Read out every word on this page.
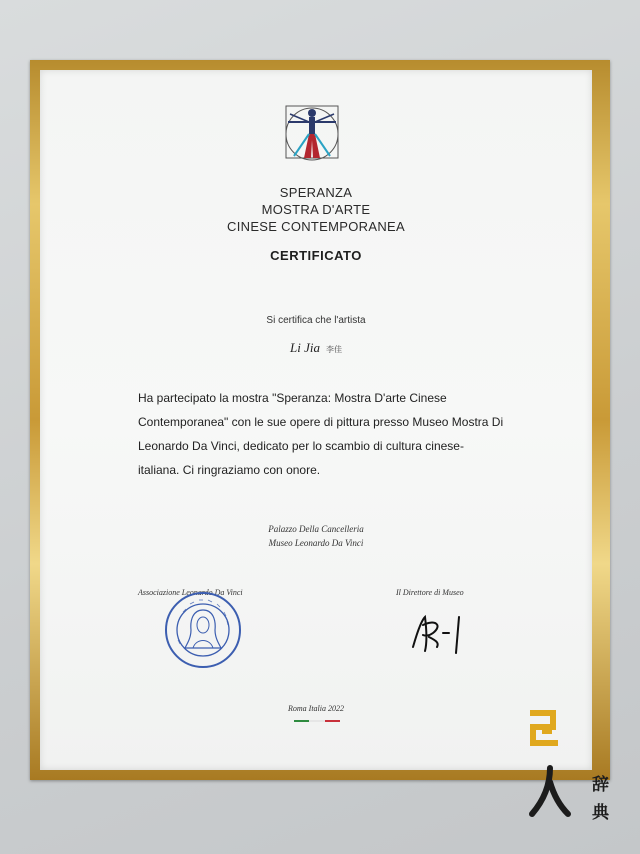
SPERANZA
MOSTRA D'ARTE
CINESE CONTEMPORANEA
CERTIFICATO
Si certifica che l'artista
Li Jia 李佳
Ha partecipato la mostra "Speranza: Mostra D'arte Cinese Contemporanea" con le sue opere di pittura presso Museo Mostra Di Leonardo Da Vinci, dedicato per lo scambio di cultura cinese- italiana. Ci ringraziamo con onore.
Palazzo Della Cancelleria
Museo Leonardo Da Vinci
Associazione Leonardo Da Vinci	Il Direttore di Museo
Roma Italia 2022
辞
典
